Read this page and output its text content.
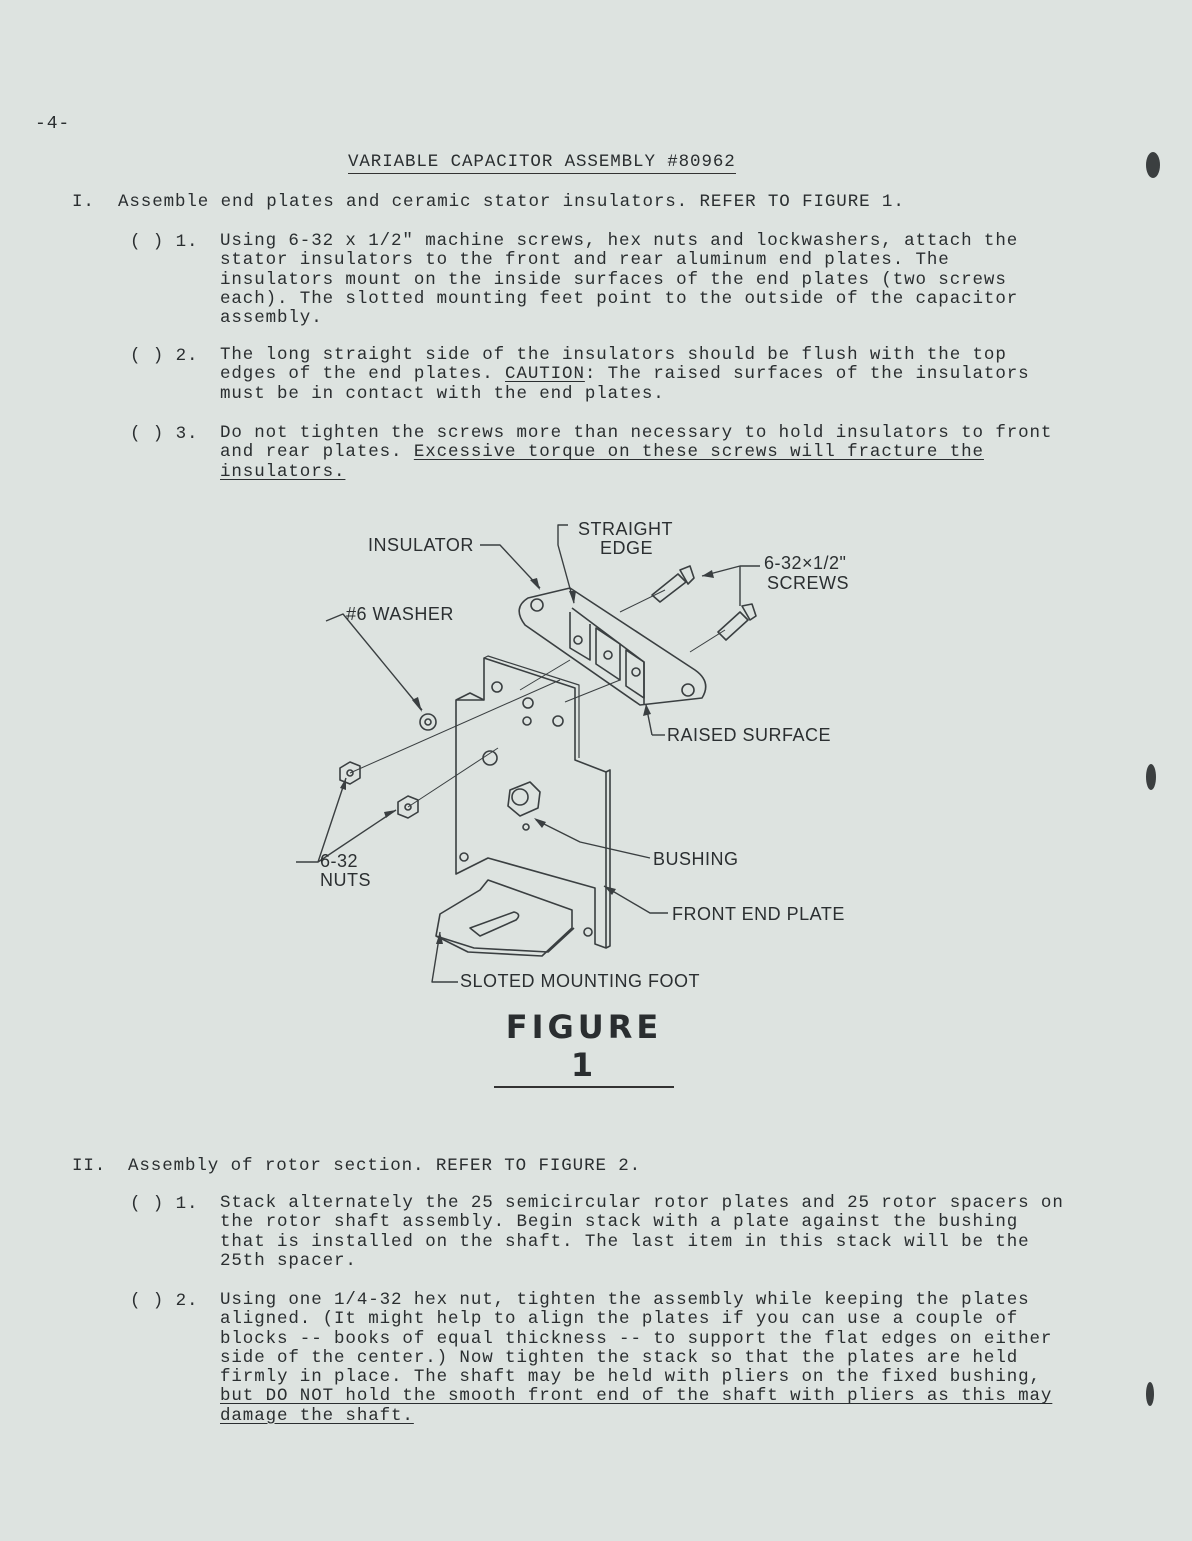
-4-
VARIABLE CAPACITOR ASSEMBLY #80962
I. Assemble end plates and ceramic stator insulators. REFER TO FIGURE 1.
( ) 1. Using 6-32 x 1/2" machine screws, hex nuts and lockwashers, attach the stator insulators to the front and rear aluminum end plates. The insulators mount on the inside surfaces of the end plates (two screws each). The slotted mounting feet point to the outside of the capacitor assembly.
( ) 2. The long straight side of the insulators should be flush with the top edges of the end plates. CAUTION: The raised surfaces of the insulators must be in contact with the end plates.
( ) 3. Do not tighten the screws more than necessary to hold insulators to front and rear plates. Excessive torque on these screws will fracture the insulators.
INSULATOR
STRAIGHT
EDGE
6-32×1/2"
SCREWS
#6 WASHER
RAISED SURFACE
BUSHING
6-32
NUTS
FRONT END PLATE
SLOTED MOUNTING FOOT
FIGURE 1
II. Assembly of rotor section. REFER TO FIGURE 2.
( ) 1. Stack alternately the 25 semicircular rotor plates and 25 rotor spacers on the rotor shaft assembly. Begin stack with a plate against the bushing that is installed on the shaft. The last item in this stack will be the 25th spacer.
( ) 2. Using one 1/4-32 hex nut, tighten the assembly while keeping the plates aligned. (It might help to align the plates if you can use a couple of blocks -- books of equal thickness -- to support the flat edges on either side of the center.) Now tighten the stack so that the plates are held firmly in place. The shaft may be held with pliers on the fixed bushing, but DO NOT hold the smooth front end of the shaft with pliers as this may damage the shaft.
